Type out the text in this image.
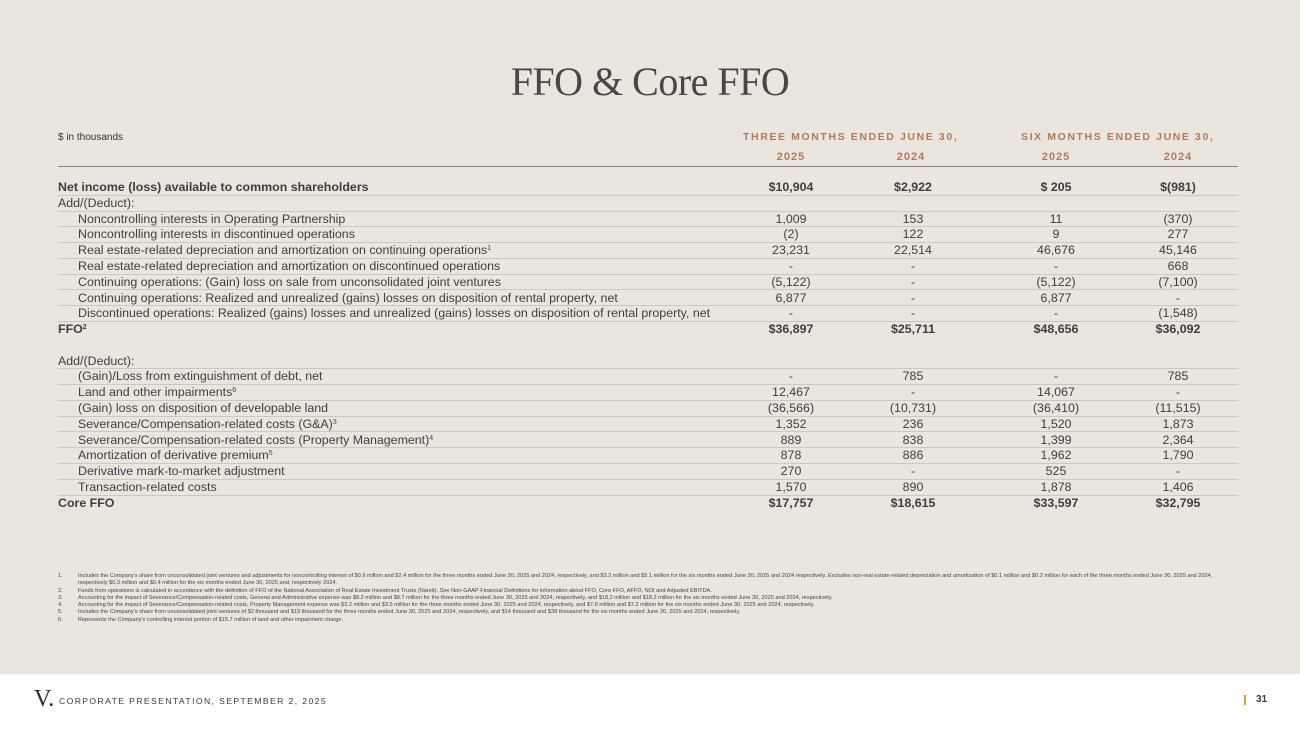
FFO & Core FFO
$ in thousands	THREE MONTHS ENDED JUNE 30,	SIX MONTHS ENDED JUNE 30,
2025	2024	2025	2024
Net income (loss) available to common shareholders	$10,904	$2,922	$ 205	$(981)
Add/(Deduct):
Noncontrolling interests in Operating Partnership	1,009	153	11	(370)
Noncontrolling interests in discontinued operations	(2)	122	9	277
Real estate-related depreciation and amortization on continuing operations$^1$	23,231	22,514	46,676	45,146
Real estate-related depreciation and amortization on discontinued operations	-	-	-	668
Continuing operations: (Gain) loss on sale from unconsolidated joint ventures	(5,122)	-	(5,122)	(7,100)
Continuing operations: Realized and unrealized (gains) losses on disposition of rental property, net	6,877	-	6,877	-
Discontinued operations: Realized (gains) losses and unrealized (gains) losses on disposition of rental property, net	-	-	-	(1,548)
FFO$^2$	$36,897	$25,711	$48,656	$36,092
Add/(Deduct):
(Gain)/Loss from extinguishment of debt, net	-	785	-	785
Land and other impairments$^6$	12,467	-	14,067	-
(Gain) loss on disposition of developable land	(36,566)	(10,731)	(36,410)	(11,515)
Severance/Compensation-related costs (G&A)$^3$	1,352	236	1,520	1,873
Severance/Compensation-related costs (Property Management)$^4$	889	838	1,399	2,364
Amortization of derivative premium$^5$	878	886	1,962	1,790
Derivative mark-to-market adjustment	270	-	525	-
Transaction-related costs	1,570	890	1,878	1,406
Core FFO	$17,757	$18,615	$33,597	$32,795
1.	Includes the Company's share from unconsolidated joint ventures and adjustments for noncontrolling interest of $0.9 million and $2.4 million for the three months ended June 30, 2025 and 2024, respectively, and $3.2 million and $5.1 million for the six months ended June 30, 2025 and 2024 respectively. Excludes non-real estate-related depreciation and amortization of $0.1 million and $0.2 million for each of the three months ended June 30, 2025 and 2024, respectively $0.3 million and $0.4 million for the six months ended June 30, 2025 and, respectively 2024.
2.	Funds from operations is calculated in accordance with the definition of FFO of the National Association of Real Estate Investment Trusts (Nareit). See Non-GAAP Financial Definitions for information about FFO, Core FFO, AFFO, NOI and Adjusted EBITDA.
3.	Accounting for the impact of Severance/Compensation-related costs, General and Administrative expense was $8.2 million and $8.7 million for the three months ended June 30, 2025 and 2024, respectively, and $18.2 million and $18.2 million for the six months ended June 30, 2025 and 2024, respectively.
4.	Accounting for the impact of Severance/Compensation-related costs, Property Management expense was $3.2 million and $3.5 million for the three months ended June 30, 2025 and 2024, respectively, and $7.0 million and $7.2 million for the six months ended June 30, 2025 and 2024, respectively.
5.	Includes the Company's share from unconsolidated joint ventures of $2 thousand and $19 thousand for the three months ended June 30, 2025 and 2024, respectively, and $14 thousand and $38 thousand for the six months ended June 30, 2025 and 2024, respectively.
6.	Represents the Company's controlling interest portion of $15.7 million of land and other impairment charge.
V. CORPORATE PRESENTATION, SEPTEMBER 2, 2025	31
